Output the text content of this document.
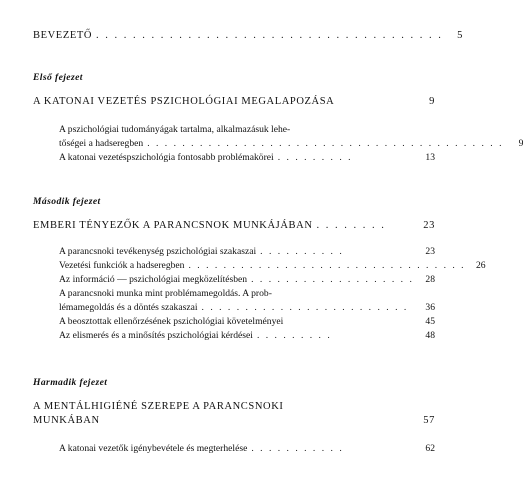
BEVEZETŐ . . . . . . . . . . . . . . . . . . . . . . . . . . . . . . . . . . . . . .	5
Első fejezet
A KATONAI VEZETÉS PSZICHOLÓGIAI MEGALAPOZÁSA	9
A pszichológiai tudományágak tartalma, alkalmazásuk lehe-
tőségei a hadseregben . . . . . . . . . . . . . . . . . . . . . . . . . . . . . . . . . . . . . . . . .	9
A katonai vezetéspszichológia fontosabb problémakörei . . . . . . . . .	13
Második fejezet
EMBERI TÉNYEZŐK A PARANCSNOK MUNKÁJÁBAN . . . . . . . .	23
A parancsnoki tevékenység pszichológiai szakaszai . . . . . . . . . .	23
Vezetési funkciók a hadseregben . . . . . . . . . . . . . . . . . . . . . . . . . . . . . . . .	26
Az információ — pszichológiai megközelítésben . . . . . . . . . . . . . . . . . . .	28
A parancsnoki munka mint problémamegoldás. A prob-
lémamegoldás és a döntés szakaszai . . . . . . . . . . . . . . . . . . . . . . . .	36
A beosztottak ellenőrzésének pszichológiai követelményei	45
Az elismerés és a minősítés pszichológiai kérdései . . . . . . . . .	48
Harmadik fejezet
A MENTÁLHIGIÉNÉ SZEREPE A PARANCSNOKI
MUNKÁBAN	57
A katonai vezetők igénybevétele és megterhelése . . . . . . . . . . .	62
